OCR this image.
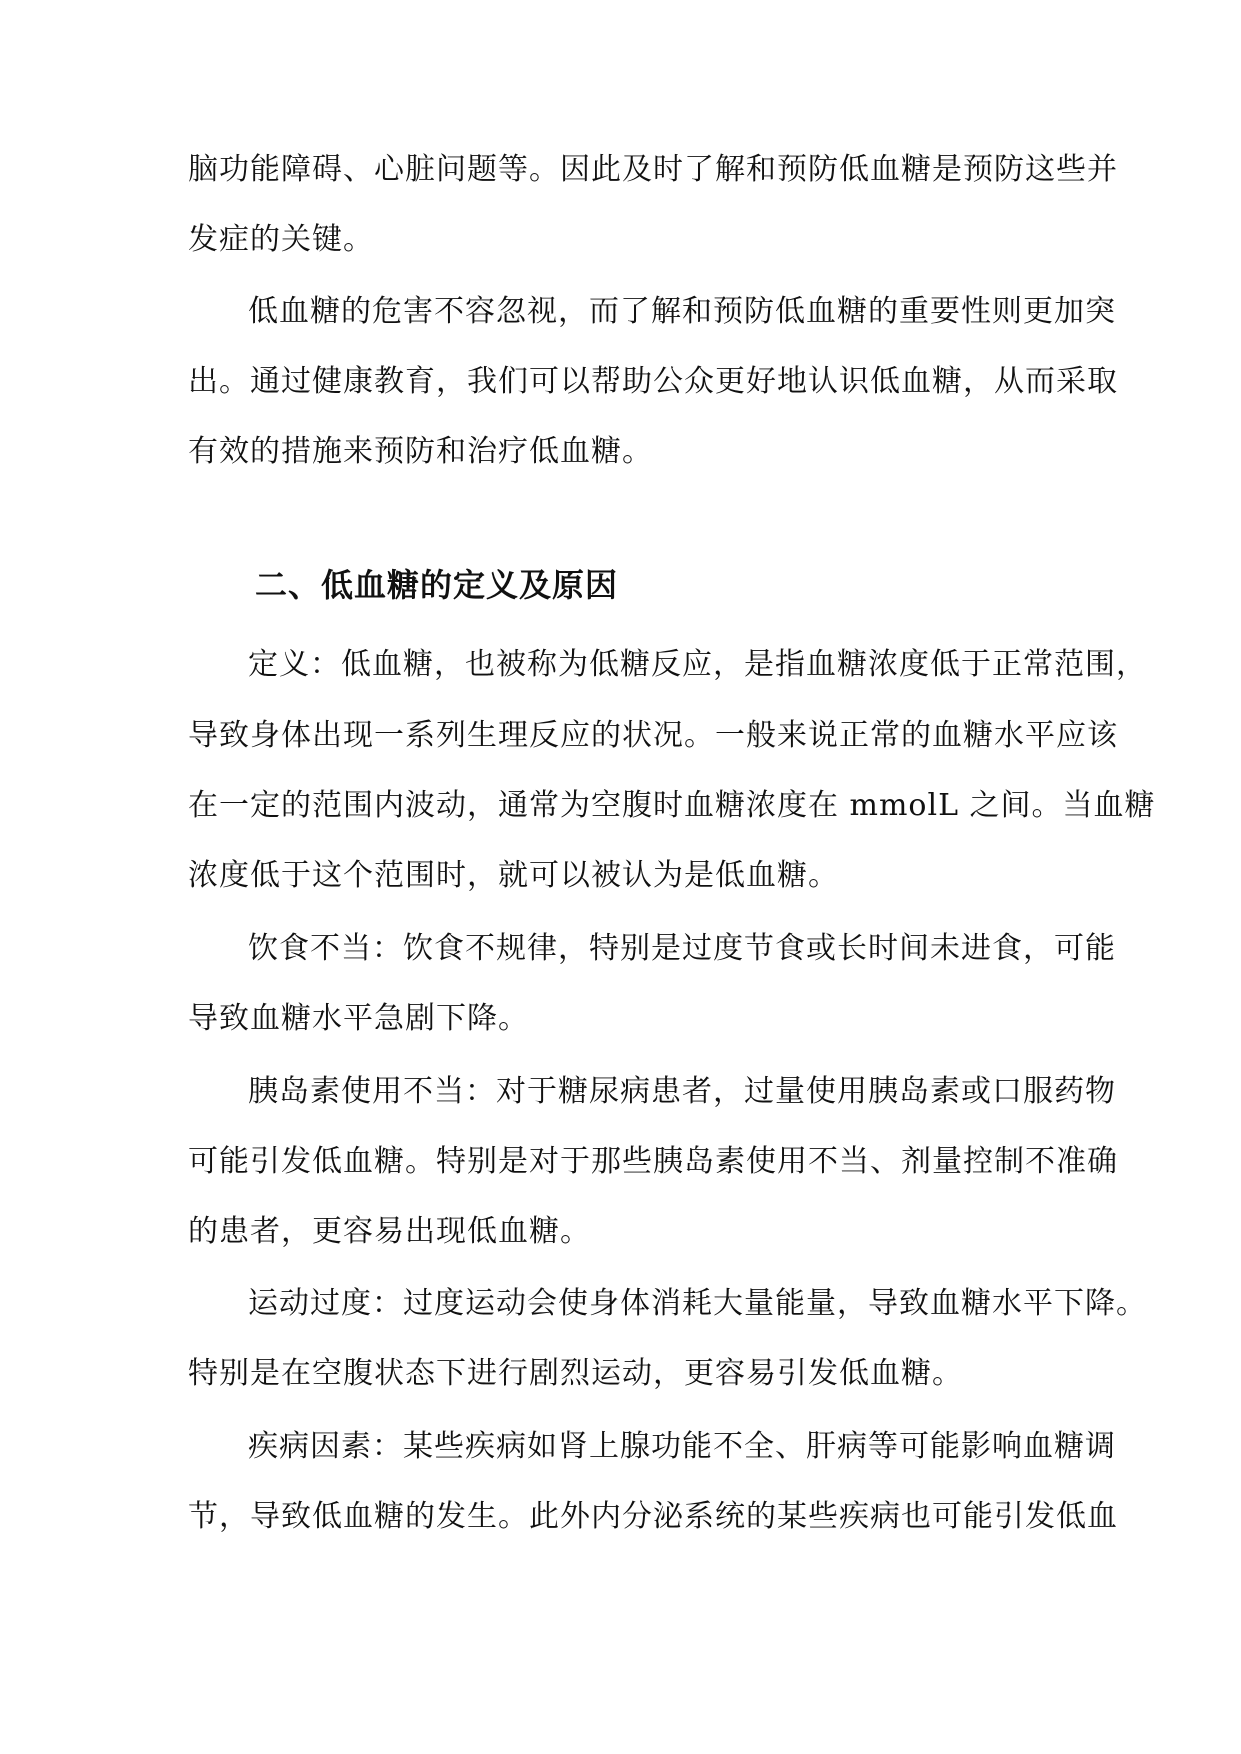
脑功能障碍、心脏问题等。因此及时了解和预防低血糖是预防这些并
发症的关键。
低血糖的危害不容忽视，而了解和预防低血糖的重要性则更加突
出。通过健康教育，我们可以帮助公众更好地认识低血糖，从而采取
有效的措施来预防和治疗低血糖。
二、低血糖的定义及原因
定义：低血糖，也被称为低糖反应，是指血糖浓度低于正常范围，
导致身体出现一系列生理反应的状况。一般来说正常的血糖水平应该
在一定的范围内波动，通常为空腹时血糖浓度在 mmolL 之间。当血糖
浓度低于这个范围时，就可以被认为是低血糖。
饮食不当：饮食不规律，特别是过度节食或长时间未进食，可能
导致血糖水平急剧下降。
胰岛素使用不当：对于糖尿病患者，过量使用胰岛素或口服药物
可能引发低血糖。特别是对于那些胰岛素使用不当、剂量控制不准确
的患者，更容易出现低血糖。
运动过度：过度运动会使身体消耗大量能量，导致血糖水平下降。
特别是在空腹状态下进行剧烈运动，更容易引发低血糖。
疾病因素：某些疾病如肾上腺功能不全、肝病等可能影响血糖调
节，导致低血糖的发生。此外内分泌系统的某些疾病也可能引发低血
